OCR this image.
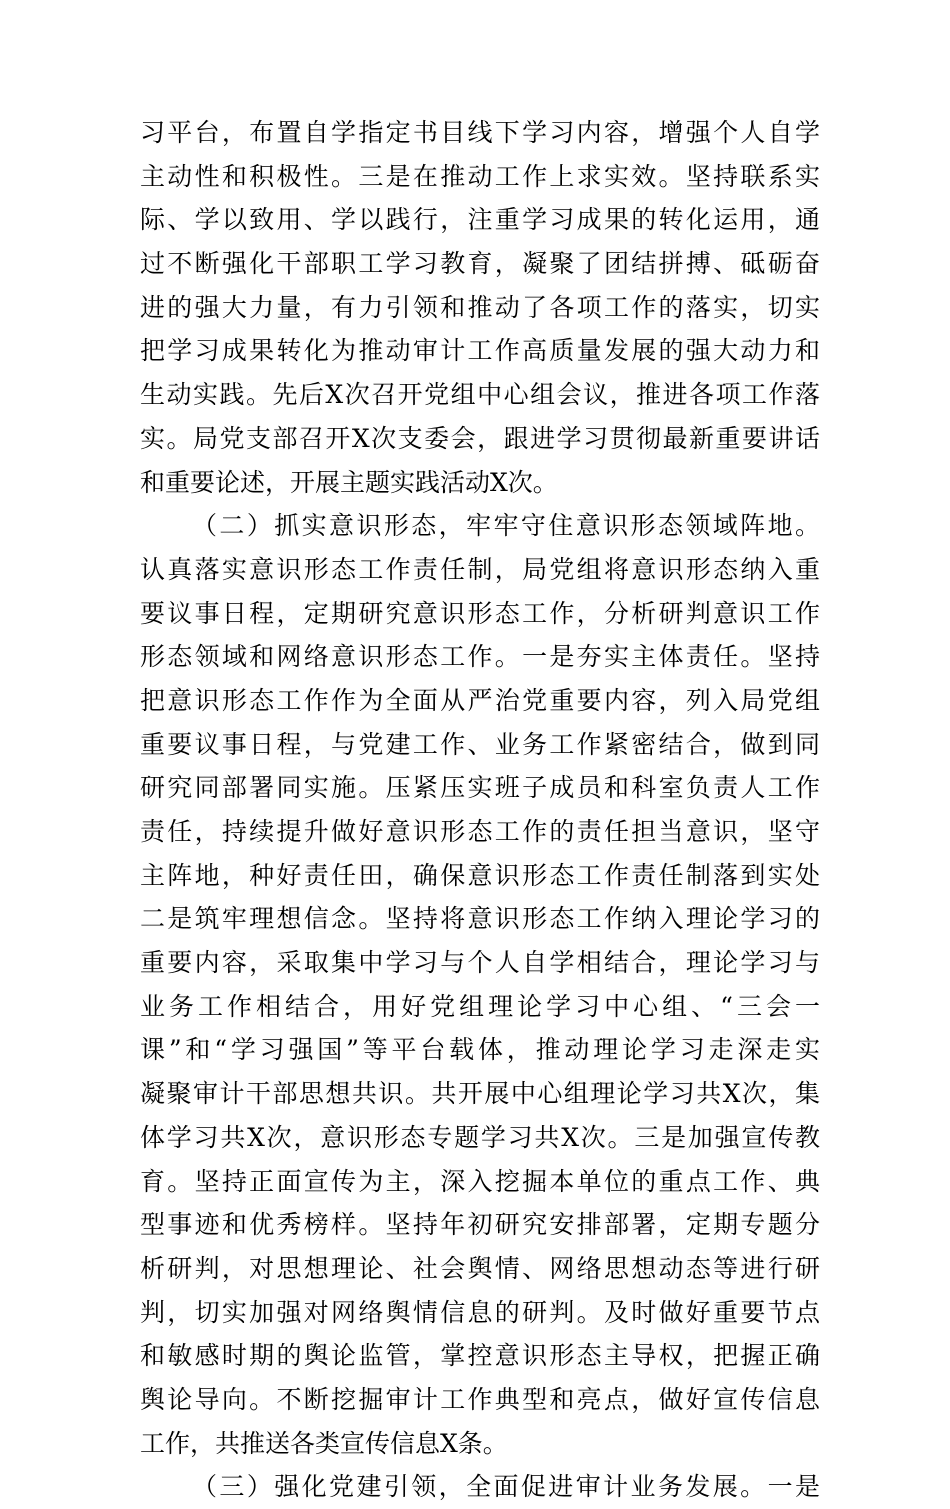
习平台，布置自学指定书目线下学习内容，增强个人自学
主动性和积极性。三是在推动工作上求实效。坚持联系实
际、学以致用、学以践行，注重学习成果的转化运用，通
过不断强化干部职工学习教育，凝聚了团结拼搏、砥砺奋
进的强大力量，有力引领和推动了各项工作的落实，切实
把学习成果转化为推动审计工作高质量发展的强大动力和
生动实践。先后X次召开党组中心组会议，推进各项工作落
实。局党支部召开X次支委会，跟进学习贯彻最新重要讲话
和重要论述，开展主题实践活动X次。
（二）抓实意识形态，牢牢守住意识形态领域阵地。
认真落实意识形态工作责任制，局党组将意识形态纳入重
要议事日程，定期研究意识形态工作，分析研判意识工作
形态领域和网络意识形态工作。一是夯实主体责任。坚持
把意识形态工作作为全面从严治党重要内容，列入局党组
重要议事日程，与党建工作、业务工作紧密结合，做到同
研究同部署同实施。压紧压实班子成员和科室负责人工作
责任，持续提升做好意识形态工作的责任担当意识，坚守
主阵地，种好责任田，确保意识形态工作责任制落到实处
二是筑牢理想信念。坚持将意识形态工作纳入理论学习的
重要内容，采取集中学习与个人自学相结合，理论学习与
业务工作相结合，用好党组理论学习中心组、“三会一
课”和“学习强国”等平台载体，推动理论学习走深走实
凝聚审计干部思想共识。共开展中心组理论学习共X次，集
体学习共X次，意识形态专题学习共X次。三是加强宣传教
育。坚持正面宣传为主，深入挖掘本单位的重点工作、典
型事迹和优秀榜样。坚持年初研究安排部署，定期专题分
析研判，对思想理论、社会舆情、网络思想动态等进行研
判，切实加强对网络舆情信息的研判。及时做好重要节点
和敏感时期的舆论监管，掌控意识形态主导权，把握正确
舆论导向。不断挖掘审计工作典型和亮点，做好宣传信息
工作，共推送各类宣传信息X条。
（三）强化党建引领，全面促进审计业务发展。一是
